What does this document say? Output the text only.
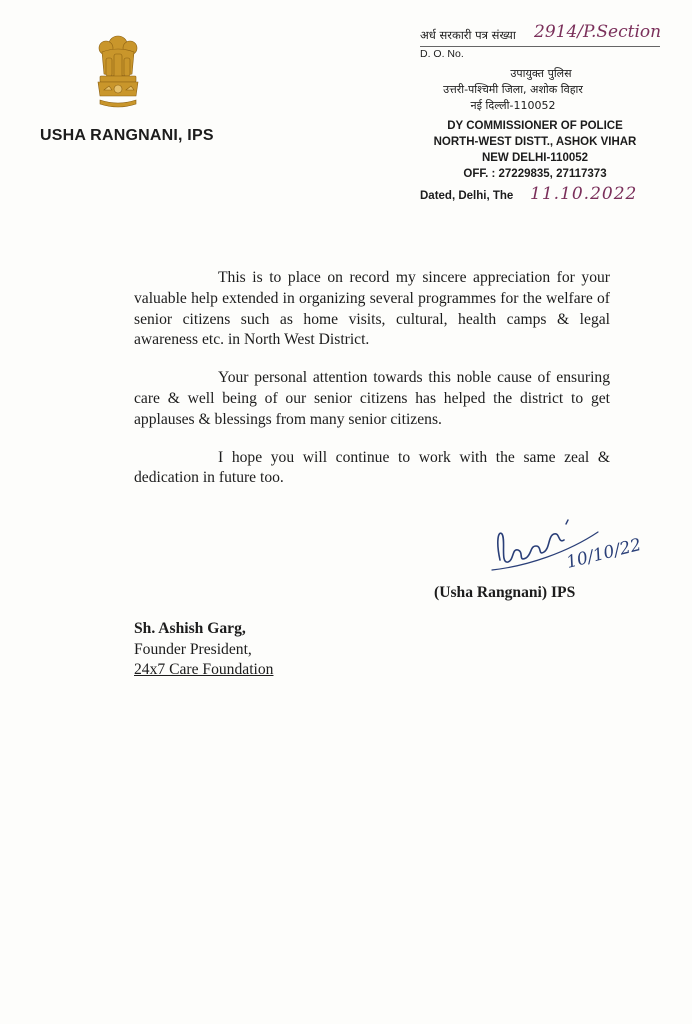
USHA RANGNANI, IPS
अर्ध सरकारी पत्र संख्या 2914/P.Section
D. O. No.
उपायुक्त पुलिस
उत्तरी-पश्चिमी जिला, अशोक विहार
नई दिल्ली-110052
DY COMMISSIONER OF POLICE
NORTH-WEST DISTT., ASHOK VIHAR
NEW DELHI-110052
OFF. : 27229835, 27117373
Dated, Delhi, The 11.10.2022

This is to place on record my sincere appreciation for your valuable help extended in organizing several programmes for the welfare of senior citizens such as home visits, cultural, health camps & legal awareness etc. in North West District.

Your personal attention towards this noble cause of ensuring care & well being of our senior citizens has helped the district to get applauses & blessings from many senior citizens.

I hope you will continue to work with the same zeal & dedication in future too.

10/10/22
(Usha Rangnani) IPS
Sh. Ashish Garg,
Founder President,
24x7 Care Foundation
